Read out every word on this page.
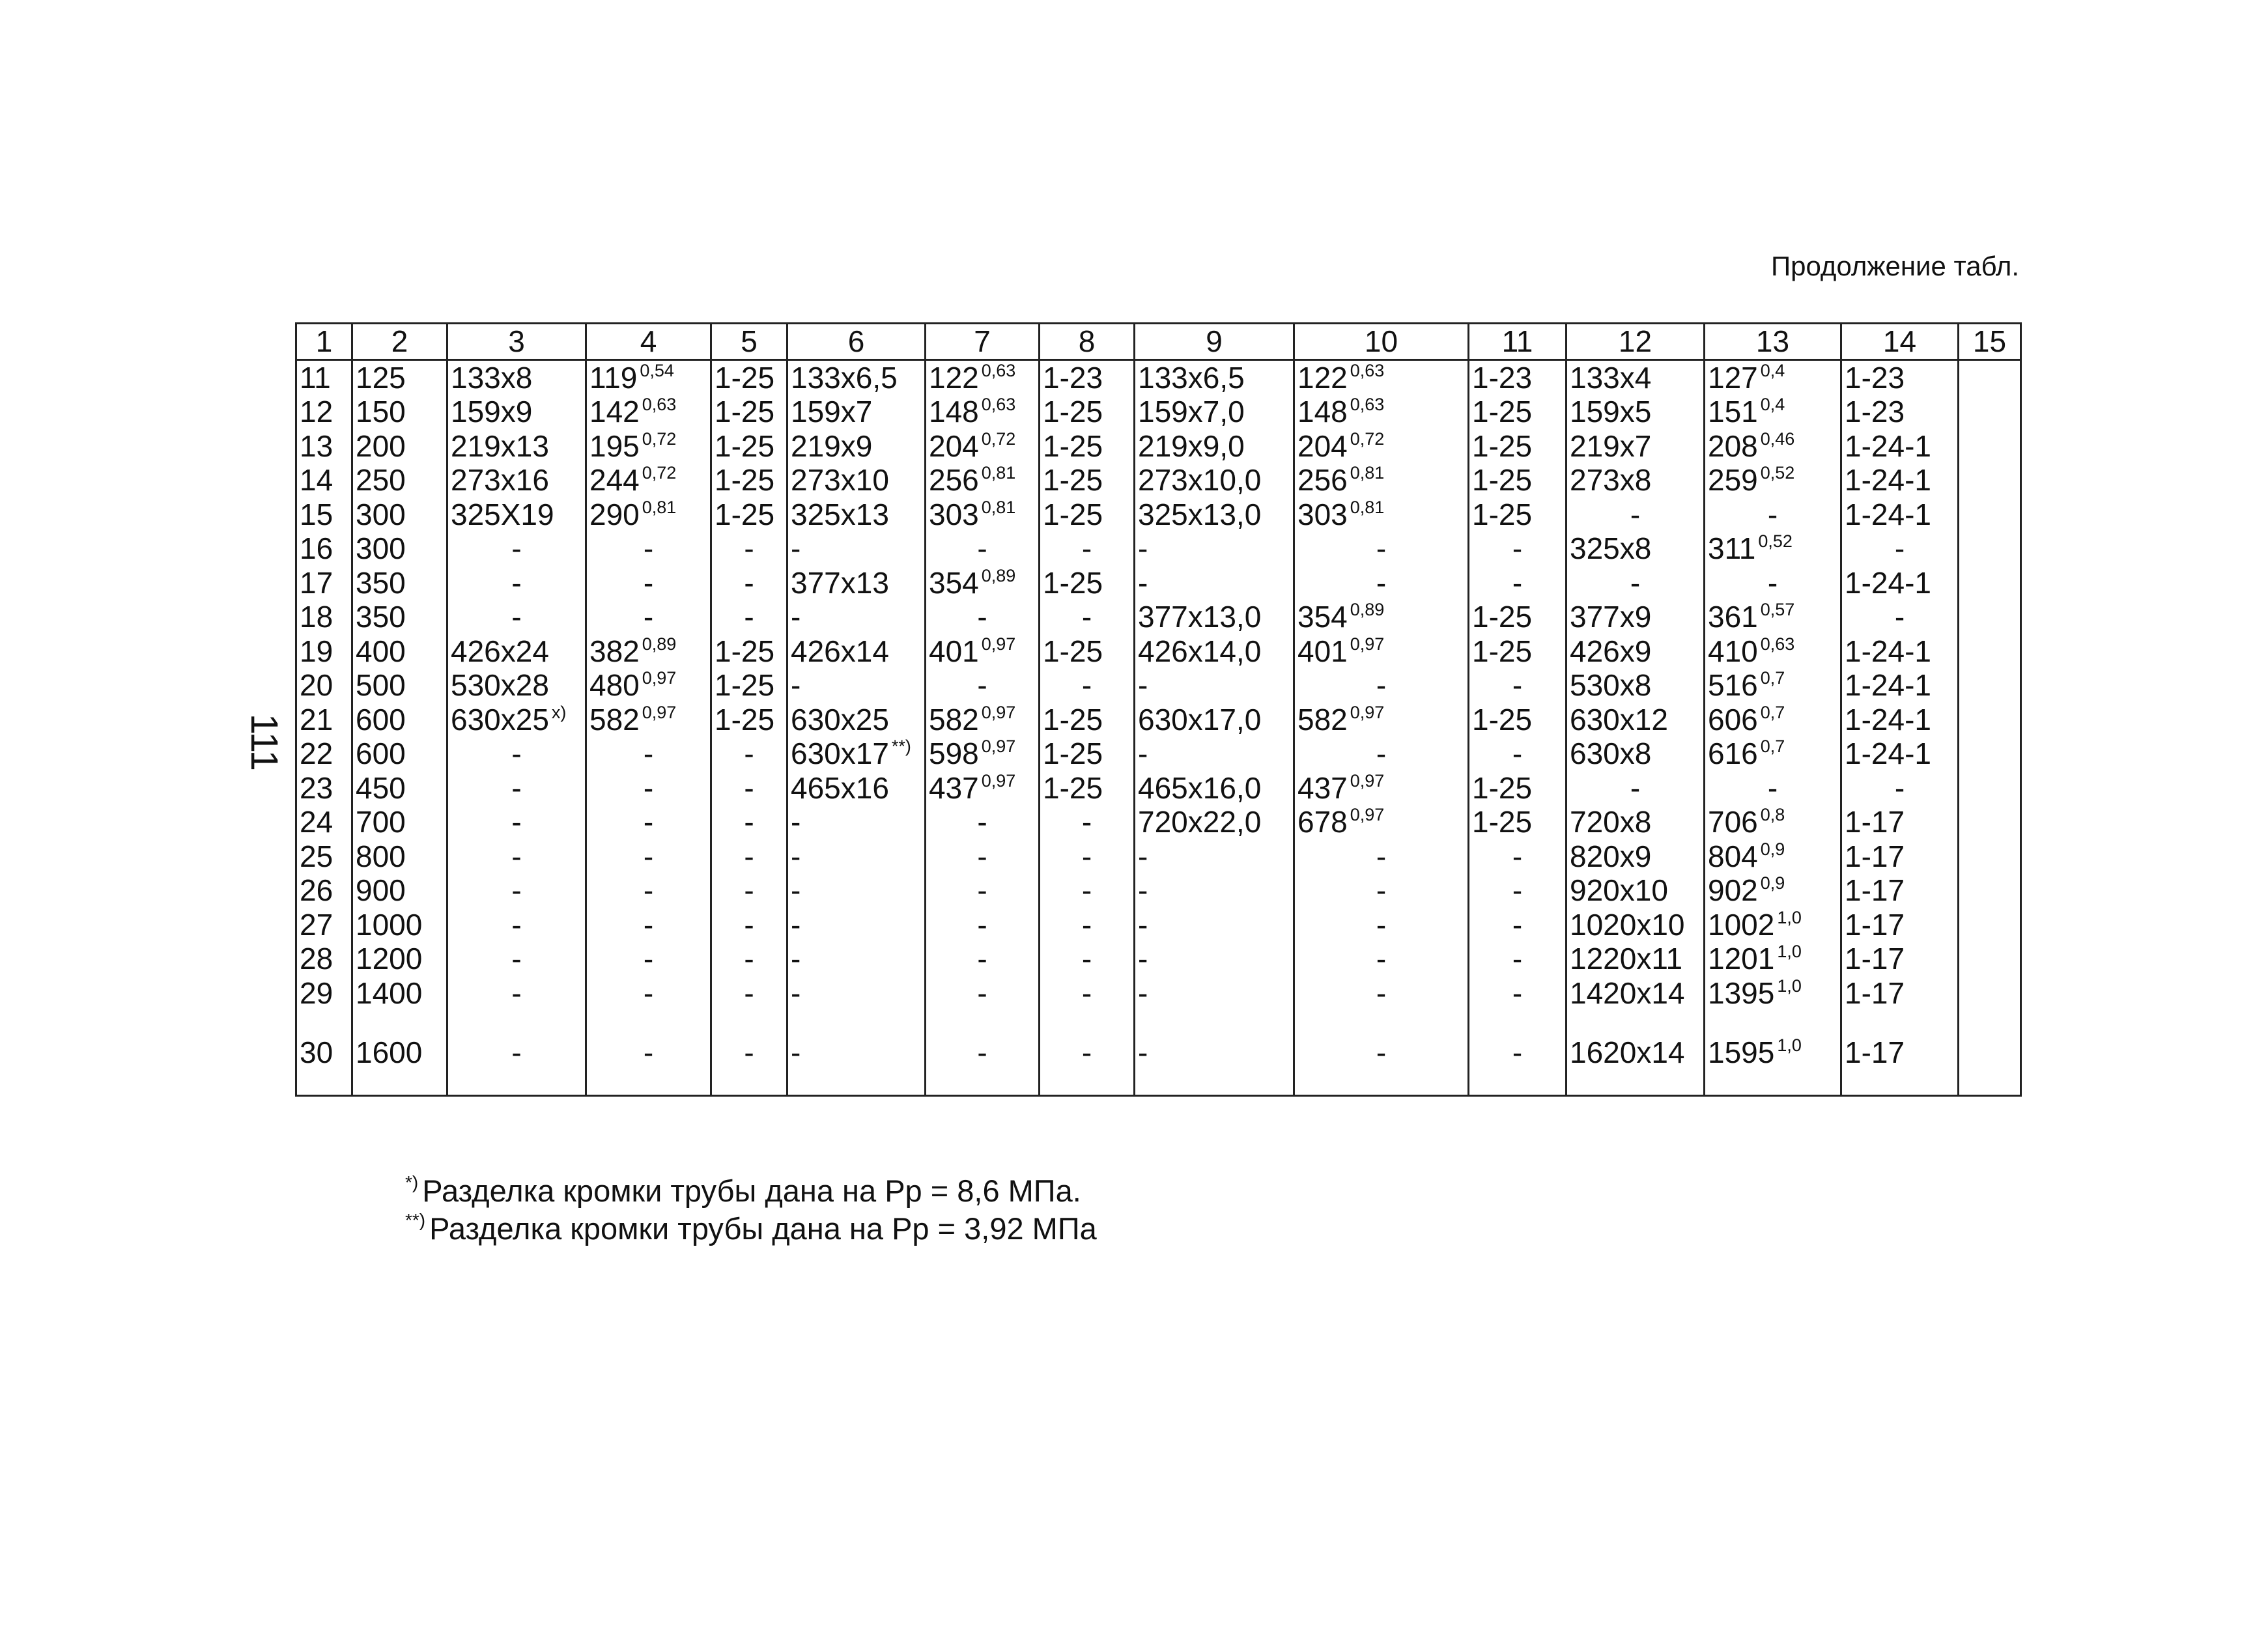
Продолжение табл.
111
1	2	3	4	5	6	7	8	9	10	11	12	13	14	15
11	125	133x8	119 $^{0,54}$	1-25	133x6,5	122 $^{0,63}$	1-23	133x6,5	122 $^{0,63}$	1-23	133x4	127 $^{0,4}$	1-23	
12	150	159x9	142 $^{0,63}$	1-25	159x7	148 $^{0,63}$	1-25	159x7,0	148 $^{0,63}$	1-25	159x5	151 $^{0,4}$	1-23	
13	200	219x13	195 $^{0,72}$	1-25	219x9	204 $^{0,72}$	1-25	219x9,0	204 $^{0,72}$	1-25	219x7	208 $^{0,46}$	1-24-1	
14	250	273x16	244 $^{0,72}$	1-25	273x10	256 $^{0,81}$	1-25	273x10,0	256 $^{0,81}$	1-25	273x8	259 $^{0,52}$	1-24-1	
15	300	325X19	290 $^{0,81}$	1-25	325x13	303 $^{0,81}$	1-25	325x13,0	303 $^{0,81}$	1-25	-	-	1-24-1	
16	300	-	-	-	-	-	-	-	-	-	325x8	311 $^{0,52}$	-	
17	350	-	-	-	377x13	354 $^{0,89}$	1-25	-	-	-	-	-	1-24-1	
18	350	-	-	-	-	-	-	377x13,0	354 $^{0,89}$	1-25	377x9	361 $^{0,57}$	-	
19	400	426x24	382 $^{0,89}$	1-25	426x14	401 $^{0,97}$	1-25	426x14,0	401 $^{0,97}$	1-25	426x9	410 $^{0,63}$	1-24-1	
20	500	530x28	480 $^{0,97}$	1-25	-	-	-	-	-	-	530x8	516 $^{0,7}$	1-24-1	
21	600	630x25 $^{x)}$	582 $^{0,97}$	1-25	630x25	582 $^{0,97}$	1-25	630x17,0	582 $^{0,97}$	1-25	630x12	606 $^{0,7}$	1-24-1	
22	600	-	-	-	630x17 **)	598 $^{0,97}$	1-25	-	-	-	630x8	616 $^{0,7}$	1-24-1	
23	450	-	-	-	465x16	437 $^{0,97}$	1-25	465x16,0	437 $^{0,97}$	1-25	-	-	-	
24	700	-	-	-	-	-	-	720x22,0	678 $^{0,97}$	1-25	720x8	706 $^{0,8}$	1-17	
25	800	-	-	-	-	-	-	-	-	-	820x9	804 $^{0,9}$	1-17	
26	900	-	-	-	-	-	-	-	-	-	920x10	902 $^{0,9}$	1-17	
27	1000	-	-	-	-	-	-	-	-	-	1020x10	1002 $^{1,0}$	1-17	
28	1200	-	-	-	-	-	-	-	-	-	1220x11	1201 $^{1,0}$	1-17	
29	1400	-	-	-	-	-	-	-	-	-	1420x14	1395 $^{1,0}$	1-17	
30	1600	-	-	-	-	-	-	-	-	-	1620x14	1595 $^{1,0}$	1-17	
*) Разделка кромки трубы дана на Рр = 8,6 МПа.
**) Разделка кромки трубы дана на Рр = 3,92 МПа
